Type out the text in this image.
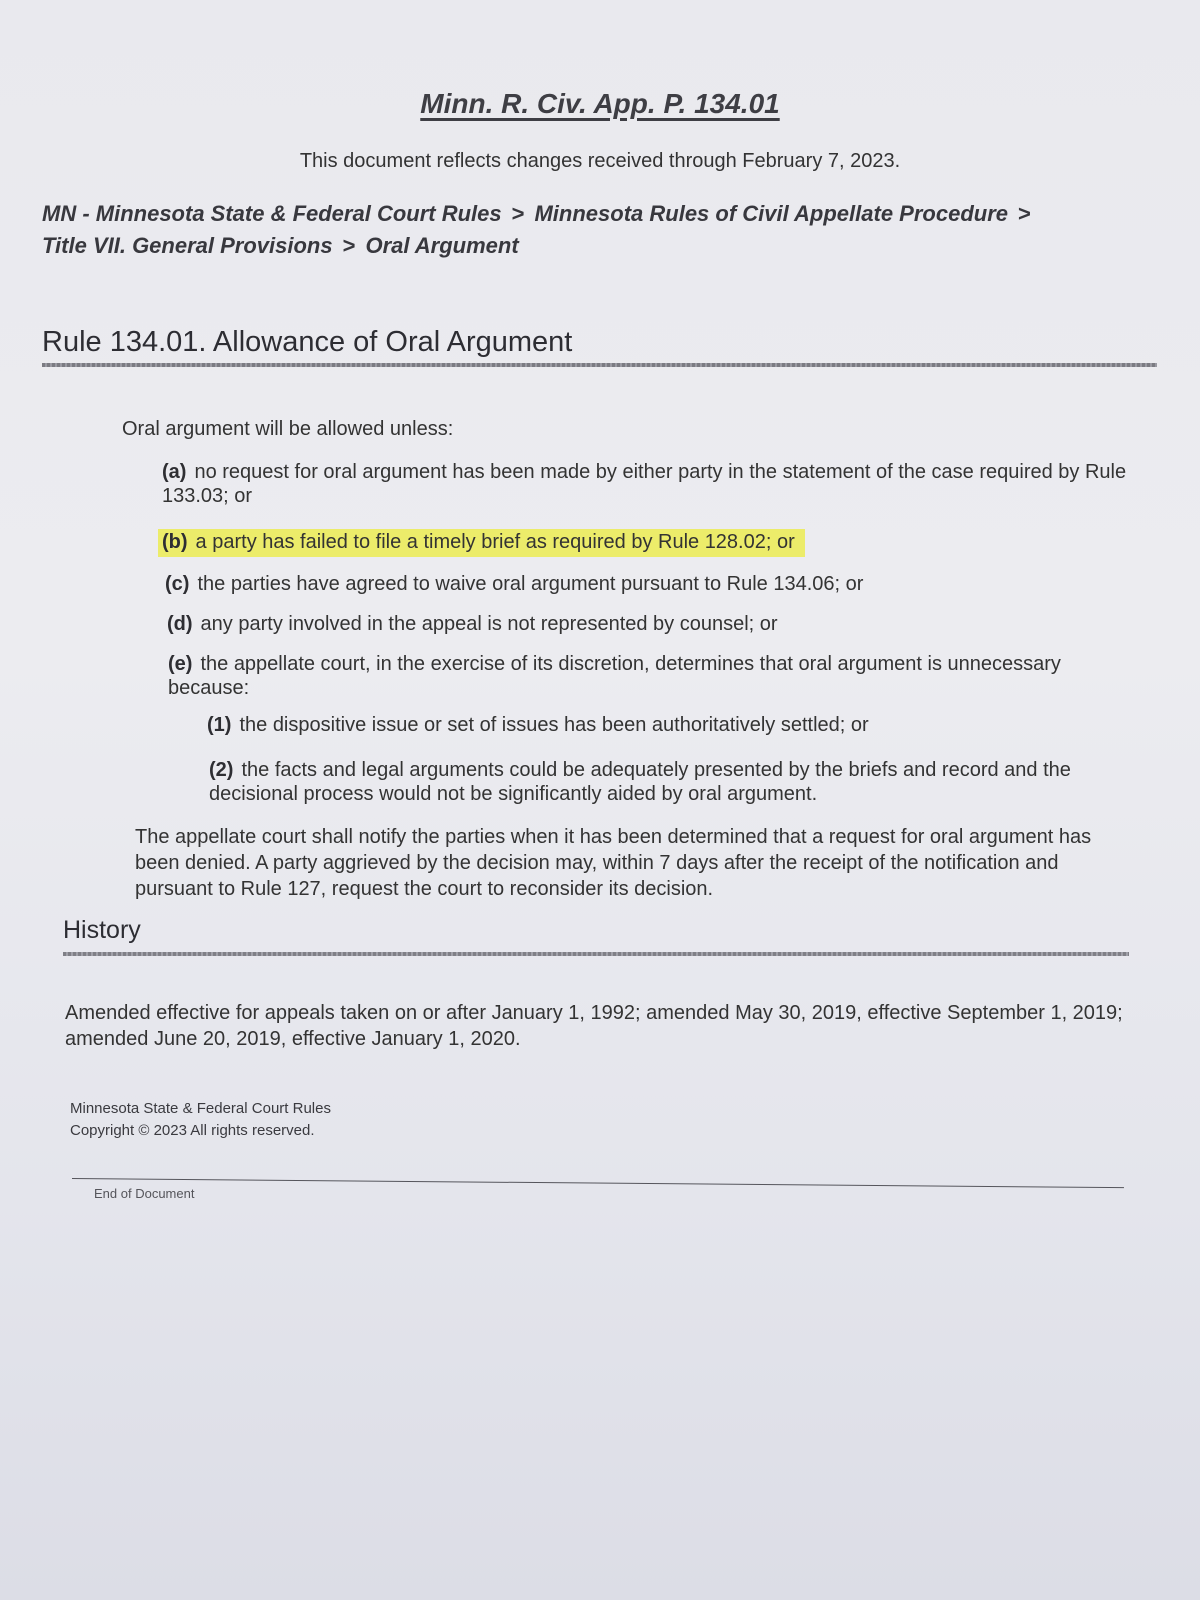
Minn. R. Civ. App. P. 134.01
This document reflects changes received through February 7, 2023.
MN - Minnesota State & Federal Court Rules > Minnesota Rules of Civil Appellate Procedure >
Title VII. General Provisions > Oral Argument
Rule 134.01. Allowance of Oral Argument
Oral argument will be allowed unless:
(a) no request for oral argument has been made by either party in the statement of the case required by Rule 133.03; or
(b) a party has failed to file a timely brief as required by Rule 128.02; or
(c) the parties have agreed to waive oral argument pursuant to Rule 134.06; or
(d) any party involved in the appeal is not represented by counsel; or
(e) the appellate court, in the exercise of its discretion, determines that oral argument is unnecessary because:
(1) the dispositive issue or set of issues has been authoritatively settled; or
(2) the facts and legal arguments could be adequately presented by the briefs and record and the decisional process would not be significantly aided by oral argument.
The appellate court shall notify the parties when it has been determined that a request for oral argument has been denied. A party aggrieved by the decision may, within 7 days after the receipt of the notification and pursuant to Rule 127, request the court to reconsider its decision.
History
Amended effective for appeals taken on or after January 1, 1992; amended May 30, 2019, effective September 1, 2019; amended June 20, 2019, effective January 1, 2020.
Minnesota State & Federal Court Rules
Copyright © 2023 All rights reserved.
End of Document
